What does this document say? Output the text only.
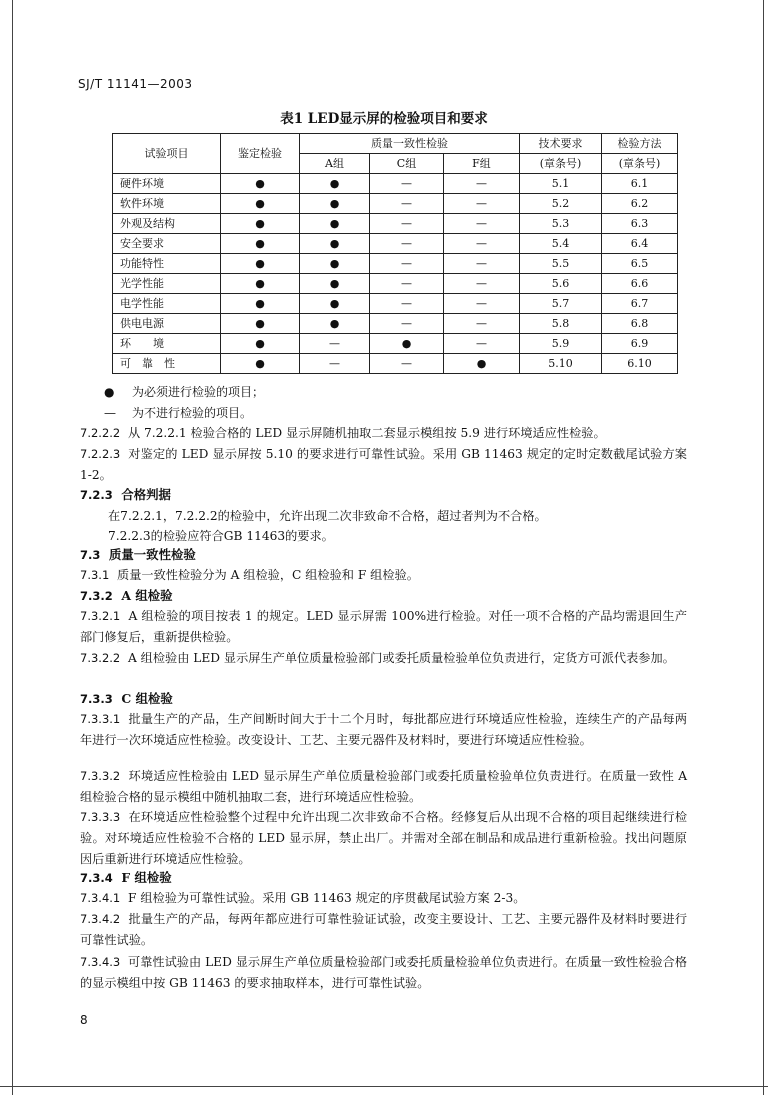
SJ/T 11141—2003
表1 LED显示屏的检验项目和要求
试验项目	鉴定检验	质量一致性检验			技术要求	检验方法
		A组	C组	F组	(章条号)	(章条号)
硬件环境	●	●	—	—	5.1	6.1
软件环境	●	●	—	—	5.2	6.2
外观及结构	●	●	—	—	5.3	6.3
安全要求	●	●	—	—	5.4	6.4
功能特性	●	●	—	—	5.5	6.5
光学性能	●	●	—	—	5.6	6.6
电学性能	●	●	—	—	5.7	6.7
供电电源	●	●	—	—	5.8	6.8
环　　境	●	—	●	—	5.9	6.9
可　靠　性	●	—	—	●	5.10	6.10
● 为必须进行检验的项目；
— 为不进行检验的项目。
7.2.2.2 从 7.2.2.1 检验合格的 LED 显示屏随机抽取二套显示模组按 5.9 进行环境适应性检验。
7.2.2.3 对鉴定的 LED 显示屏按 5.10 的要求进行可靠性试验。采用 GB 11463 规定的定时定数截尾试验方案 1-2。
7.2.3 合格判据
在7.2.2.1，7.2.2.2的检验中，允许出现二次非致命不合格，超过者判为不合格。
7.2.2.3的检验应符合GB 11463的要求。
7.3 质量一致性检验
7.3.1 质量一致性检验分为 A 组检验，C 组检验和 F 组检验。
7.3.2 A 组检验
7.3.2.1 A 组检验的项目按表 1 的规定。LED 显示屏需 100%进行检验。对任一项不合格的产品均需退回生产部门修复后，重新提供检验。
7.3.2.2 A 组检验由 LED 显示屏生产单位质量检验部门或委托质量检验单位负责进行，定货方可派代表参加。
7.3.3 C 组检验
7.3.3.1 批量生产的产品，生产间断时间大于十二个月时，每批都应进行环境适应性检验，连续生产的产品每两年进行一次环境适应性检验。改变设计、工艺、主要元器件及材料时，要进行环境适应性检验。
7.3.3.2 环境适应性检验由 LED 显示屏生产单位质量检验部门或委托质量检验单位负责进行。在质量一致性 A 组检验合格的显示模组中随机抽取二套，进行环境适应性检验。
7.3.3.3 在环境适应性检验整个过程中允许出现二次非致命不合格。经修复后从出现不合格的项目起继续进行检验。对环境适应性检验不合格的 LED 显示屏，禁止出厂。并需对全部在制品和成品进行重新检验。找出问题原因后重新进行环境适应性检验。
7.3.4 F 组检验
7.3.4.1 F 组检验为可靠性试验。采用 GB 11463 规定的序贯截尾试验方案 2-3。
7.3.4.2 批量生产的产品，每两年都应进行可靠性验证试验，改变主要设计、工艺、主要元器件及材料时要进行可靠性试验。
7.3.4.3 可靠性试验由 LED 显示屏生产单位质量检验部门或委托质量检验单位负责进行。在质量一致性检验合格的显示模组中按 GB 11463 的要求抽取样本，进行可靠性试验。
8
